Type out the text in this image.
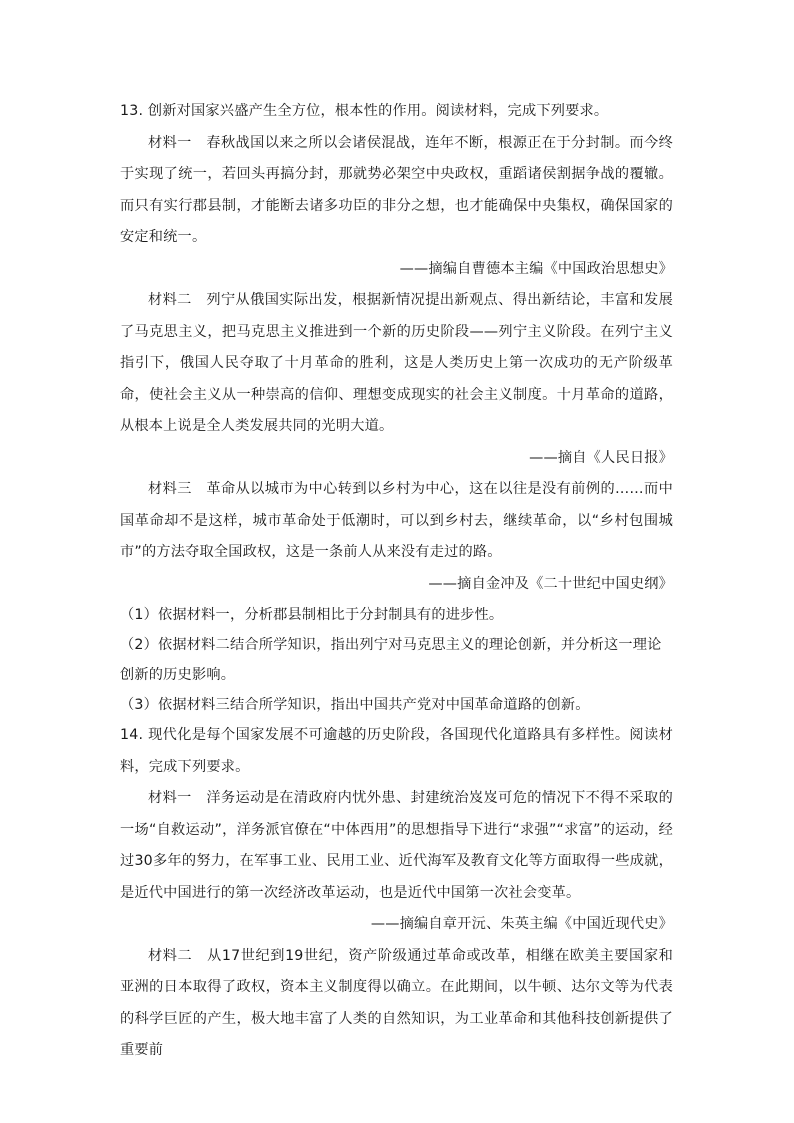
13. 创新对国家兴盛产生全方位，根本性的作用。阅读材料，完成下列要求。

材料一　春秋战国以来之所以会诸侯混战，连年不断，根源正在于分封制。而今终于实现了统一，若回头再搞分封，那就势必架空中央政权，重蹈诸侯割据争战的覆辙。而只有实行郡县制，才能断去诸多功臣的非分之想，也才能确保中央集权，确保国家的安定和统一。

——摘编自曹德本主编《中国政治思想史》

材料二　列宁从俄国实际出发，根据新情况提出新观点、得出新结论，丰富和发展了马克思主义，把马克思主义推进到一个新的历史阶段——列宁主义阶段。在列宁主义指引下，俄国人民夺取了十月革命的胜利，这是人类历史上第一次成功的无产阶级革命，使社会主义从一种崇高的信仰、理想变成现实的社会主义制度。十月革命的道路，从根本上说是全人类发展共同的光明大道。

——摘自《人民日报》

材料三　革命从以城市为中心转到以乡村为中心，这在以往是没有前例的……而中国革命却不是这样，城市革命处于低潮时，可以到乡村去，继续革命，以“乡村包围城市”的方法夺取全国政权，这是一条前人从来没有走过的路。

——摘自金冲及《二十世纪中国史纲》

（1）依据材料一，分析郡县制相比于分封制具有的进步性。

（2）依据材料二结合所学知识，指出列宁对马克思主义的理论创新，并分析这一理论创新的历史影响。

（3）依据材料三结合所学知识，指出中国共产党对中国革命道路的创新。

14. 现代化是每个国家发展不可逾越的历史阶段，各国现代化道路具有多样性。阅读材料，完成下列要求。

材料一　洋务运动是在清政府内忧外患、封建统治岌岌可危的情况下不得不采取的一场“自救运动”，洋务派官僚在“中体西用”的思想指导下进行“求强”“求富”的运动，经过30多年的努力，在军事工业、民用工业、近代海军及教育文化等方面取得一些成就，是近代中国进行的第一次经济改革运动，也是近代中国第一次社会变革。

——摘编自章开沅、朱英主编《中国近现代史》

材料二　从17世纪到19世纪，资产阶级通过革命或改革，相继在欧美主要国家和亚洲的日本取得了政权，资本主义制度得以确立。在此期间，以牛顿、达尔文等为代表的科学巨匠的产生，极大地丰富了人类的自然知识，为工业革命和其他科技创新提供了重要前
